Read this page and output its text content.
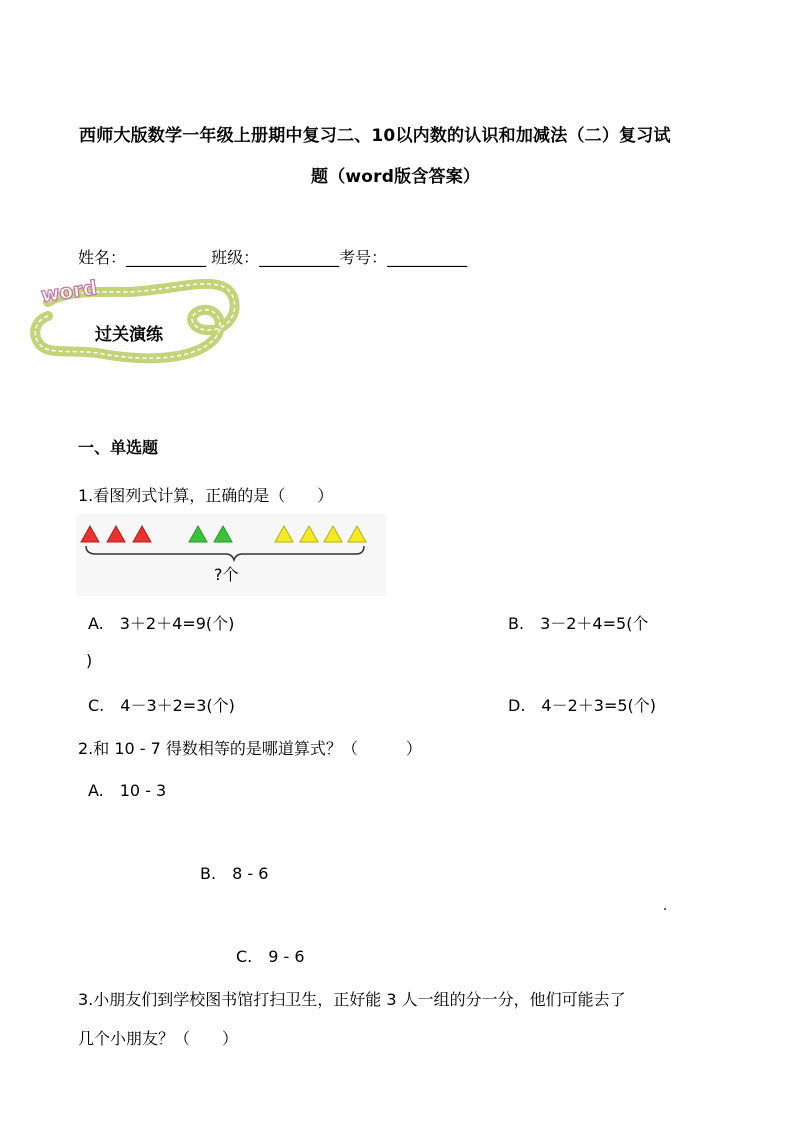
西师大版数学一年级上册期中复习二、10以内数的认识和加减法（二）复习试
题（word版含答案）
姓名：__________ 班级：__________考号：__________
word
过关演练
一、单选题
1.看图列式计算，正确的是（　　）
?个
A.　3＋2＋4=9(个)	B.　3－2＋4=5(个
)
C.　4－3＋2=3(个)	D.　4－2＋3=5(个)
2.和 10 - 7 得数相等的是哪道算式？（　　　）
A.　10 - 3
B.　8 - 6
C.　9 - 6
3.小朋友们到学校图书馆打扫卫生，正好能 3 人一组的分一分，他们可能去了
几个小朋友？（　　）
